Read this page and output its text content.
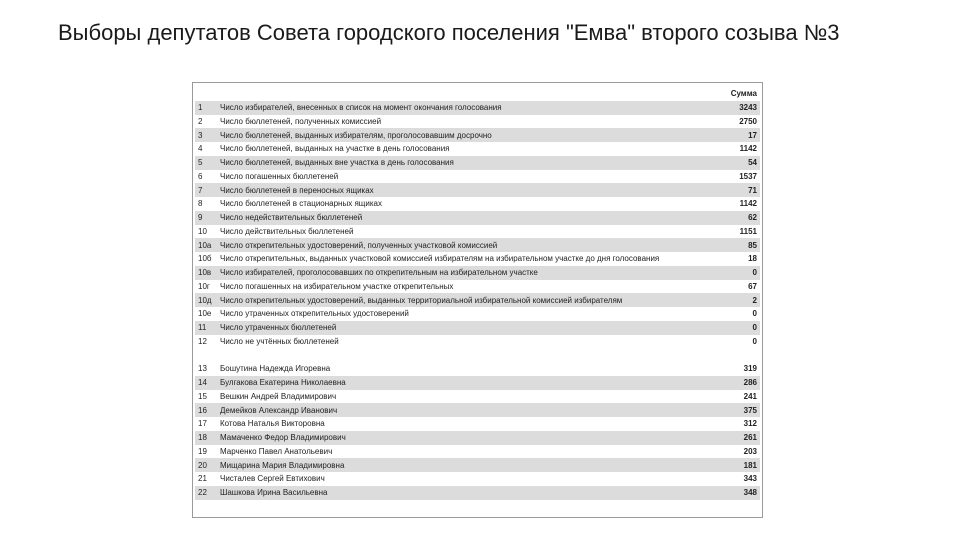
Выборы депутатов Совета городского поселения "Емва" второго созыва №3
		Сумма
1	Число избирателей, внесенных в список на момент окончания голосования	3243
2	Число бюллетеней, полученных комиссией	2750
3	Число бюллетеней, выданных избирателям, проголосовавшим досрочно	17
4	Число бюллетеней, выданных на участке в день голосования	1142
5	Число бюллетеней, выданных вне участка в день голосования	54
6	Число погашенных бюллетеней	1537
7	Число бюллетеней в переносных ящиках	71
8	Число бюллетеней в стационарных ящиках	1142
9	Число недействительных бюллетеней	62
10	Число действительных бюллетеней	1151
10а	Число открепительных удостоверений, полученных участковой комиссией	85
10б	Число открепительных, выданных участковой комиссией избирателям на избирательном участке до дня голосования	18
10в	Число избирателей, проголосовавших по открепительным на избирательном участке	0
10г	Число погашенных на избирательном участке открепительных	67
10д	Число открепительных удостоверений, выданных территориальной избирательной комиссией избирателям	2
10е	Число утраченных открепительных удостоверений	0
11	Число утраченных бюллетеней	0
12	Число не учтённых бюллетеней	0

13	Бошутина Надежда Игоревна	319
14	Булгакова Екатерина Николаевна	286
15	Вешкин Андрей Владимирович	241
16	Демейков Александр Иванович	375
17	Котова Наталья Викторовна	312
18	Мамаченко Федор Владимирович	261
19	Марченко Павел Анатольевич	203
20	Мищарина Мария Владимировна	181
21	Чисталев Сергей Евтихович	343
22	Шашкова Ирина Васильевна	348
